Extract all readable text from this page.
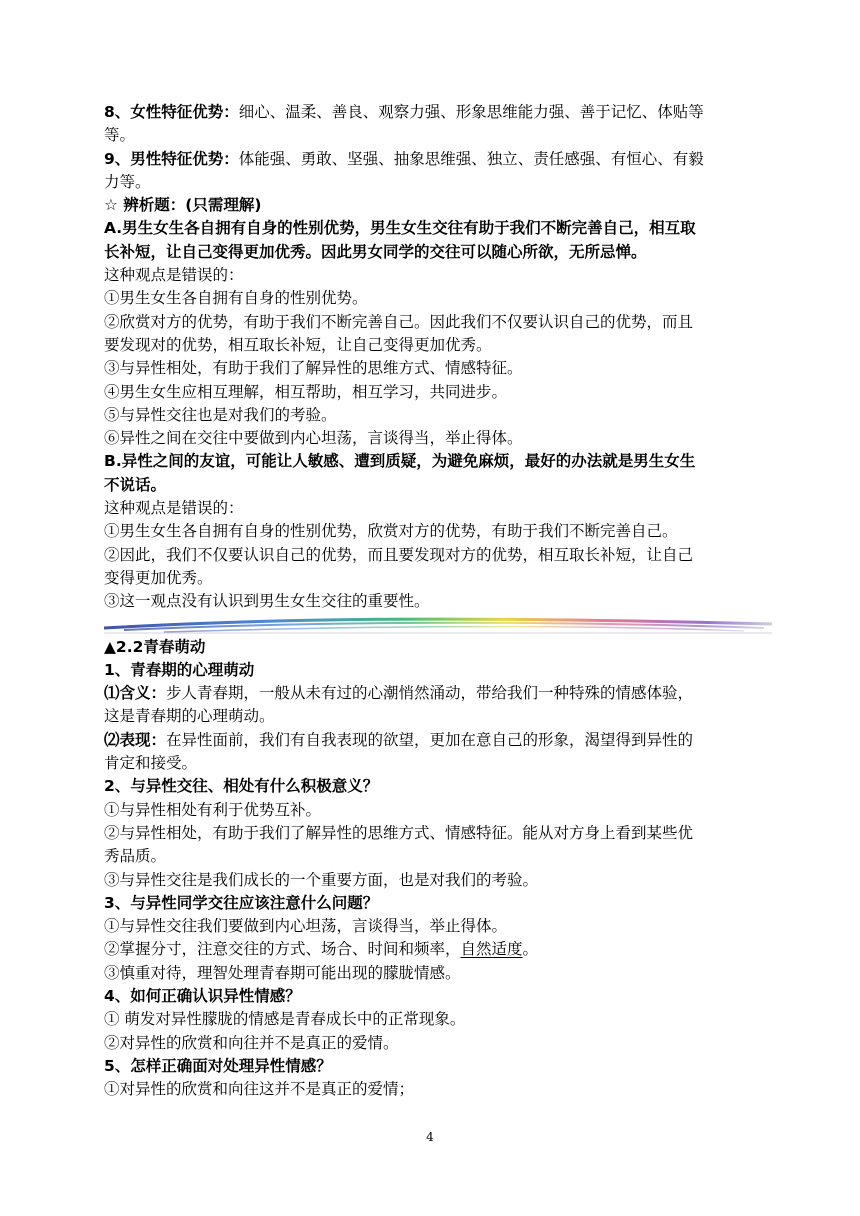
8、女性特征优势：细心、温柔、善良、观察力强、形象思维能力强、善于记忆、体贴等
等。
9、男性特征优势：体能强、勇敢、坚强、抽象思维强、独立、责任感强、有恒心、有毅
力等。
☆ 辨析题：(只需理解)
A.男生女生各自拥有自身的性别优势，男生女生交往有助于我们不断完善自己，相互取
长补短，让自己变得更加优秀。因此男女同学的交往可以随心所欲，无所忌惮。
这种观点是错误的：
①男生女生各自拥有自身的性别优势。
②欣赏对方的优势，有助于我们不断完善自己。因此我们不仅要认识自己的优势，而且
要发现对的优势，相互取长补短，让自己变得更加优秀。
③与异性相处，有助于我们了解异性的思维方式、情感特征。
④男生女生应相互理解，相互帮助，相互学习，共同进步。
⑤与异性交往也是对我们的考验。
⑥异性之间在交往中要做到内心坦荡，言谈得当，举止得体。
B.异性之间的友谊，可能让人敏感、遭到质疑，为避免麻烦，最好的办法就是男生女生
不说话。
这种观点是错误的：
①男生女生各自拥有自身的性别优势，欣赏对方的优势，有助于我们不断完善自己。
②因此，我们不仅要认识自己的优势，而且要发现对方的优势，相互取长补短，让自己
变得更加优秀。
③这一观点没有认识到男生女生交往的重要性。
▲2.2青春萌动
1、青春期的心理萌动
⑴含义：步人青春期，一般从未有过的心潮悄然涌动，带给我们一种特殊的情感体验，
这是青春期的心理萌动。
⑵表现：在异性面前，我们有自我表现的欲望，更加在意自己的形象，渴望得到异性的
肯定和接受。
2、与异性交往、相处有什么积极意义？
①与异性相处有利于优势互补。
②与异性相处，有助于我们了解异性的思维方式、情感特征。能从对方身上看到某些优
秀品质。
③与异性交往是我们成长的一个重要方面，也是对我们的考验。
3、与异性同学交往应该注意什么问题？
①与异性交往我们要做到内心坦荡，言谈得当，举止得体。
②掌握分寸，注意交往的方式、场合、时间和频率，自然适度。
③慎重对待，理智处理青春期可能出现的朦胧情感。
4、如何正确认识异性情感？
① 萌发对异性朦胧的情感是青春成长中的正常现象。
②对异性的欣赏和向往并不是真正的爱情。
5、怎样正确面对处理异性情感？
①对异性的欣赏和向往这并不是真正的爱情；
4
